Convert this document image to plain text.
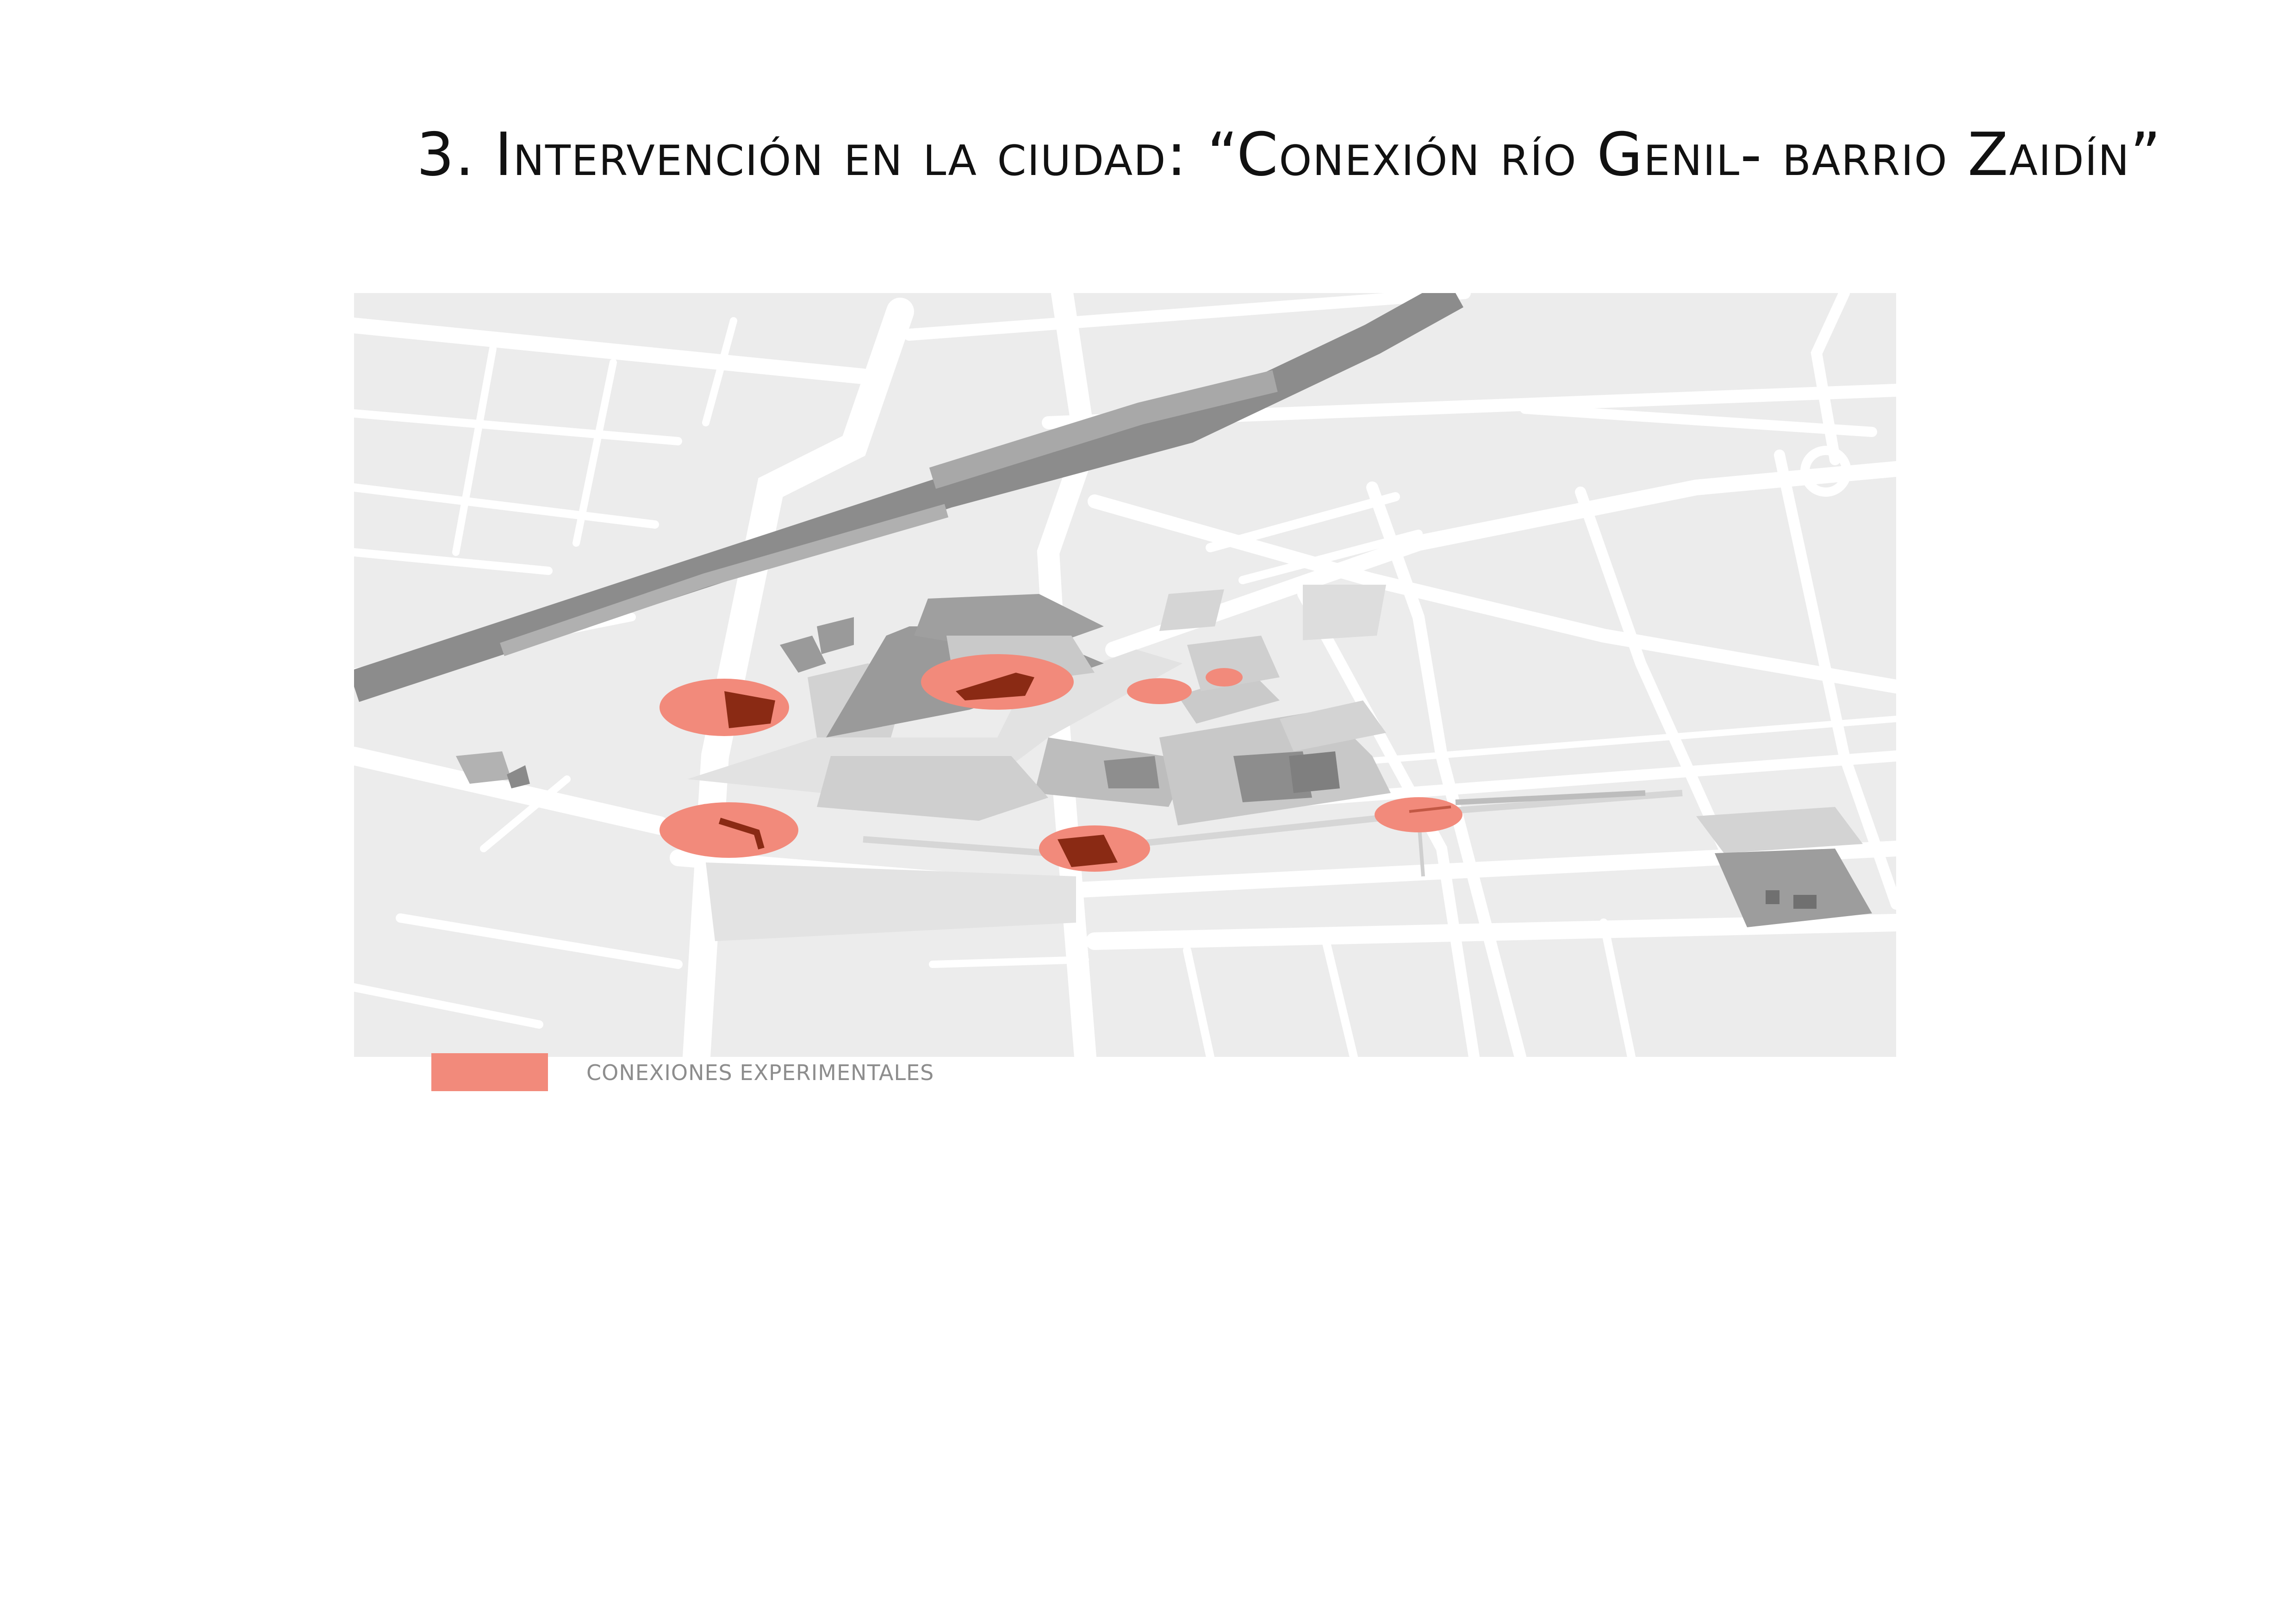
3. Intervención en la ciudad: “Conexión río Genil- barrio Zaidín”
CONEXIONES EXPERIMENTALES
